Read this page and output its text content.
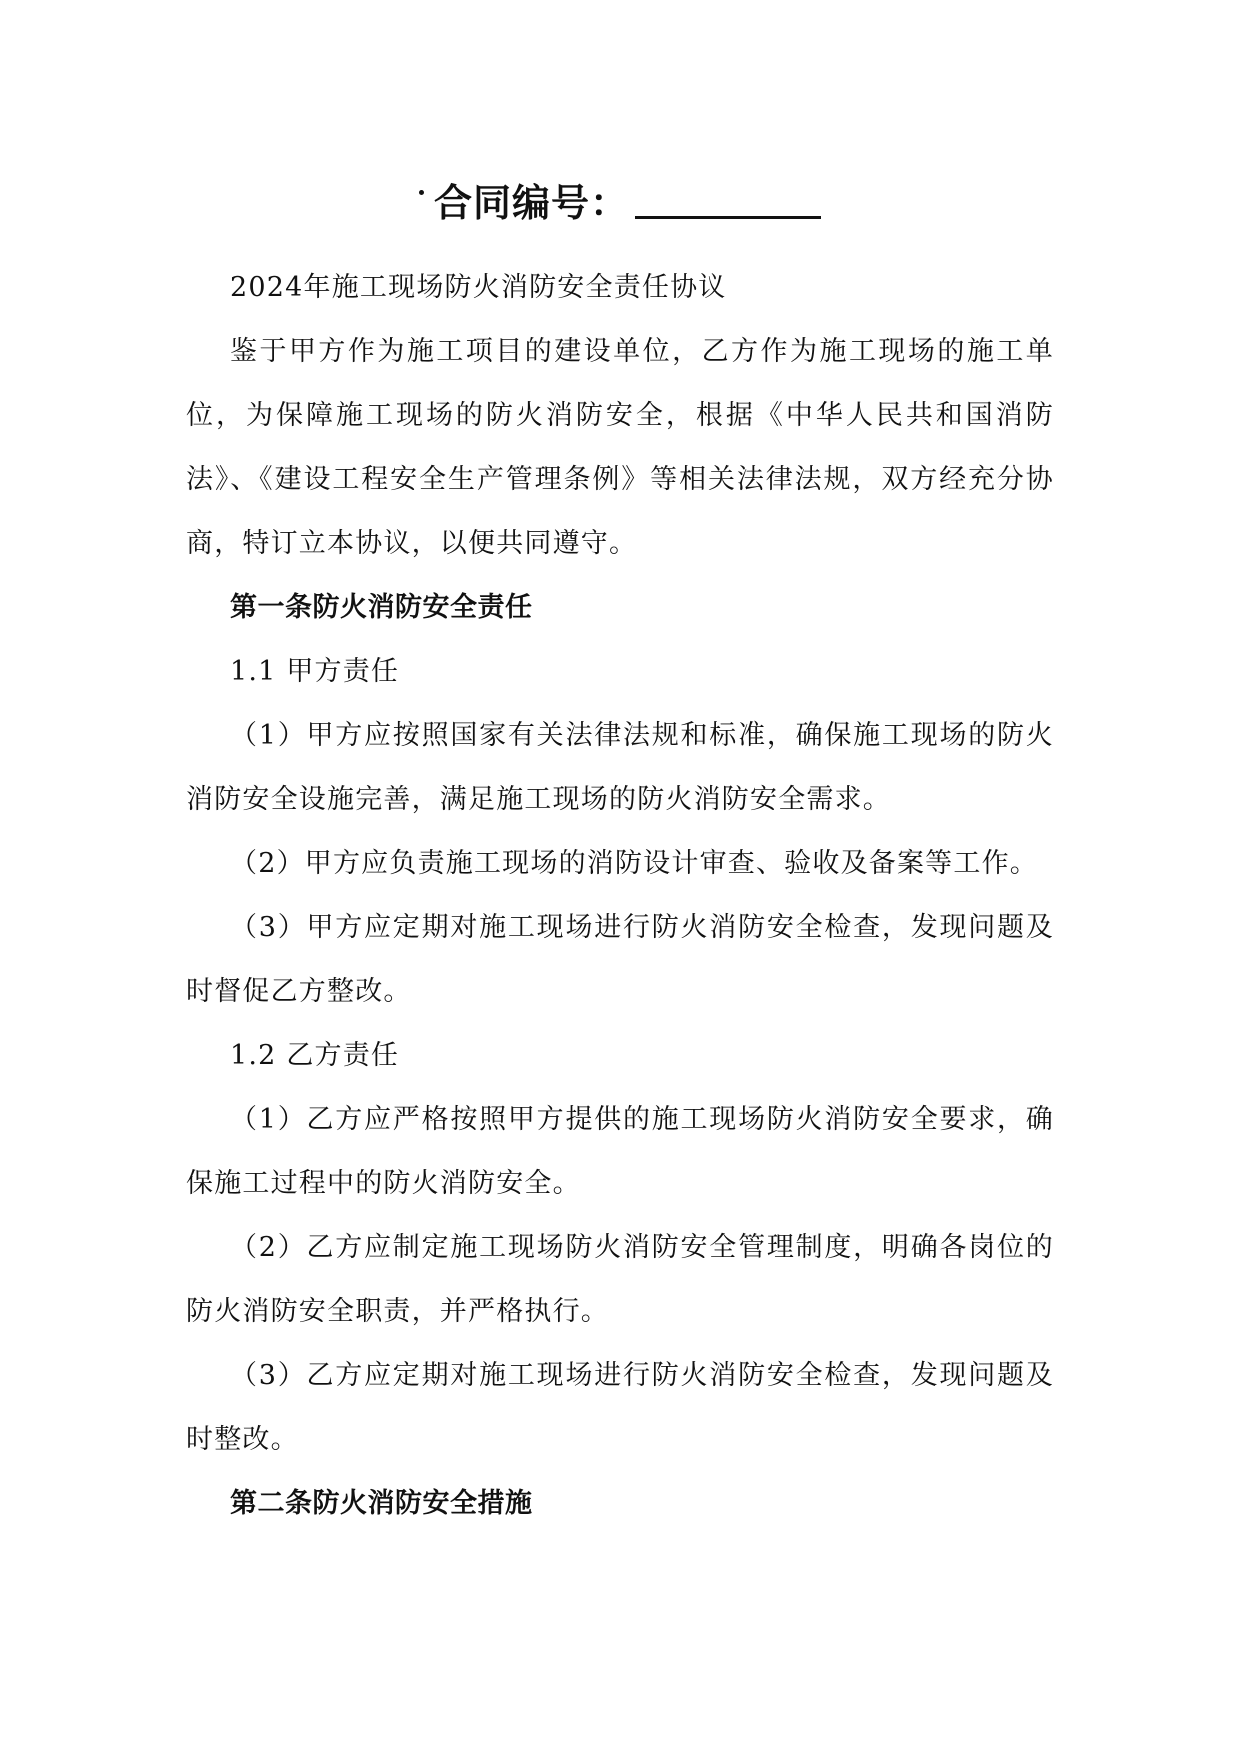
合同编号：

2024年施工现场防火消防安全责任协议

鉴于甲方作为施工项目的建设单位，乙方作为施工现场的施工单位，为保障施工现场的防火消防安全，根据《中华人民共和国消防法》、《建设工程安全生产管理条例》等相关法律法规，双方经充分协商，特订立本协议，以便共同遵守。

第一条防火消防安全责任

1.1 甲方责任

（1）甲方应按照国家有关法律法规和标准，确保施工现场的防火消防安全设施完善，满足施工现场的防火消防安全需求。

（2）甲方应负责施工现场的消防设计审查、验收及备案等工作。

（3）甲方应定期对施工现场进行防火消防安全检查，发现问题及时督促乙方整改。

1.2 乙方责任

（1）乙方应严格按照甲方提供的施工现场防火消防安全要求，确保施工过程中的防火消防安全。

（2）乙方应制定施工现场防火消防安全管理制度，明确各岗位的防火消防安全职责，并严格执行。

（3）乙方应定期对施工现场进行防火消防安全检查，发现问题及时整改。

第二条防火消防安全措施
